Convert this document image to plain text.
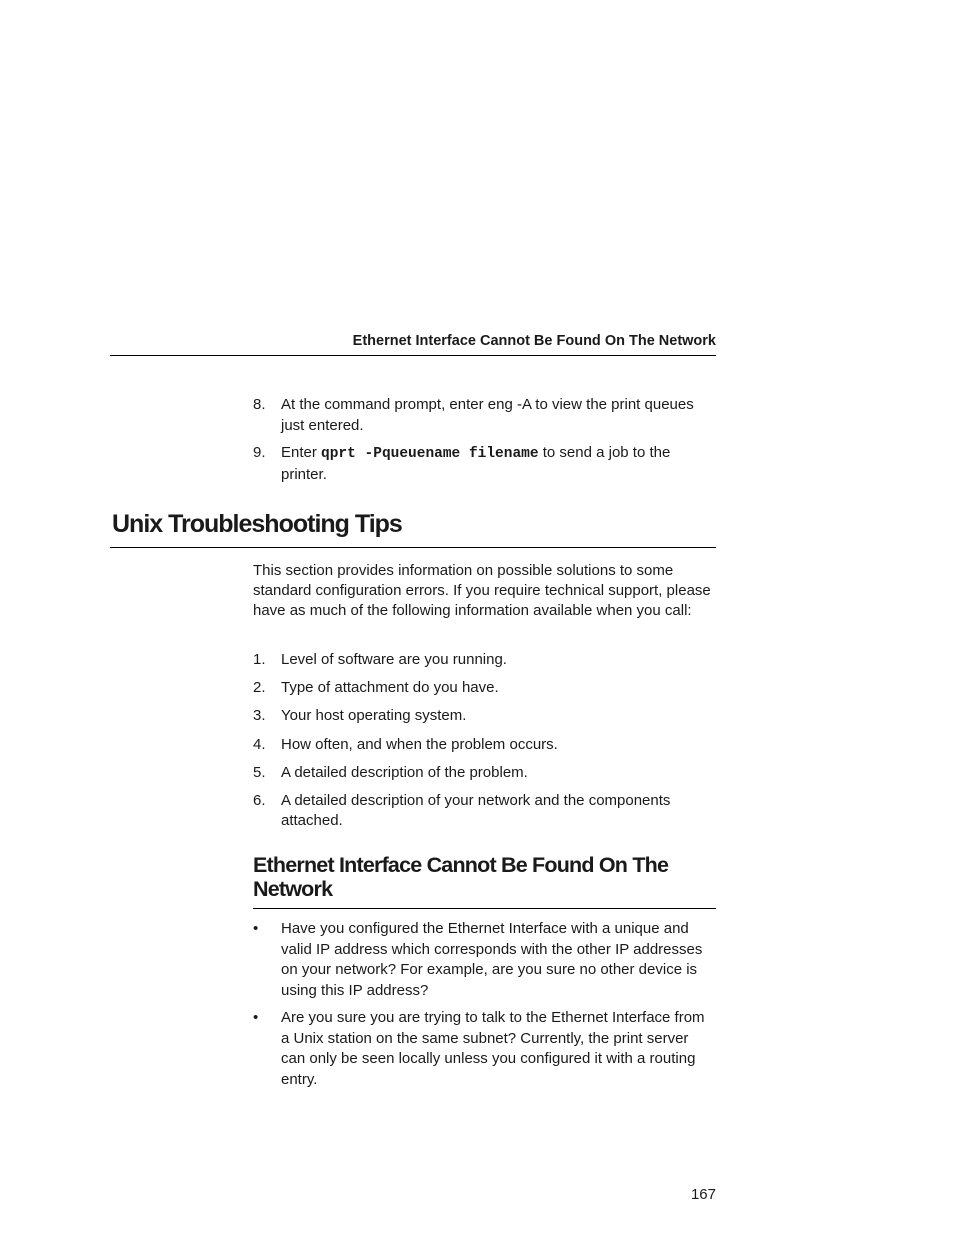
Ethernet Interface Cannot Be Found On The Network
8. At the command prompt, enter eng -A to view the print queues just entered.
9. Enter qprt -Pqueuename filename to send a job to the printer.
Unix Troubleshooting Tips

This section provides information on possible solutions to some standard configuration errors. If you require technical support, please have as much of the following information available when you call:

1. Level of software are you running.
2. Type of attachment do you have.
3. Your host operating system.
4. How often, and when the problem occurs.
5. A detailed description of the problem.
6. A detailed description of your network and the components attached.
Ethernet Interface Cannot Be Found On The Network
• Have you configured the Ethernet Interface with a unique and valid IP address which corresponds with the other IP addresses on your network? For example, are you sure no other device is using this IP address?
• Are you sure you are trying to talk to the Ethernet Interface from a Unix station on the same subnet? Currently, the print server can only be seen locally unless you configured it with a routing entry.
167
